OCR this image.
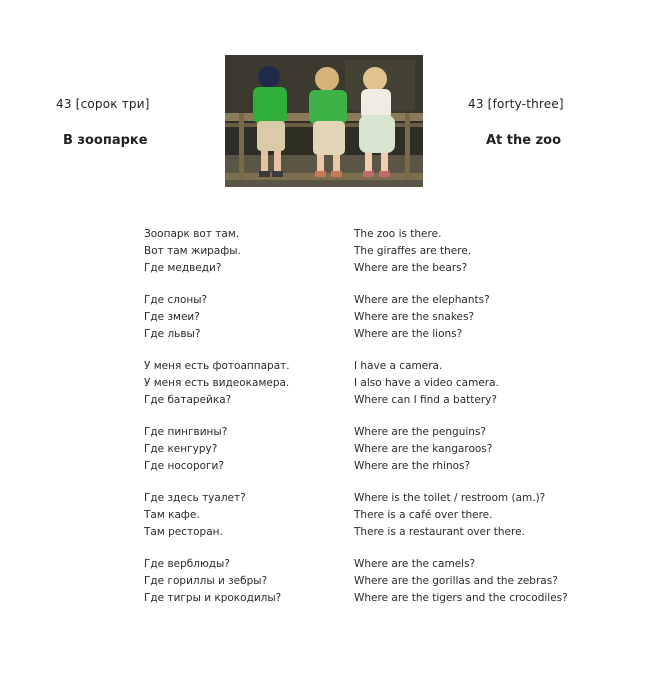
43 [сорок три]	43 [forty-three]
В зоопарке	At the zoo
Зоопарк вот там.
Вот там жирафы.
Где медведи?
Где слоны?
Где змеи?
Где львы?
У меня есть фотоаппарат.
У меня есть видеокамера.
Где батарейка?
Где пингвины?
Где кенгуру?
Где носороги?
Где здесь туалет?
Там кафе.
Там ресторан.
Где верблюды?
Где гориллы и зебры?
Где тигры и крокодилы?
The zoo is there.
The giraffes are there.
Where are the bears?
Where are the elephants?
Where are the snakes?
Where are the lions?
I have a camera.
I also have a video camera.
Where can I find a battery?
Where are the penguins?
Where are the kangaroos?
Where are the rhinos?
Where is the toilet / restroom (am.)?
There is a café over there.
There is a restaurant over there.
Where are the camels?
Where are the gorillas and the zebras?
Where are the tigers and the crocodiles?
